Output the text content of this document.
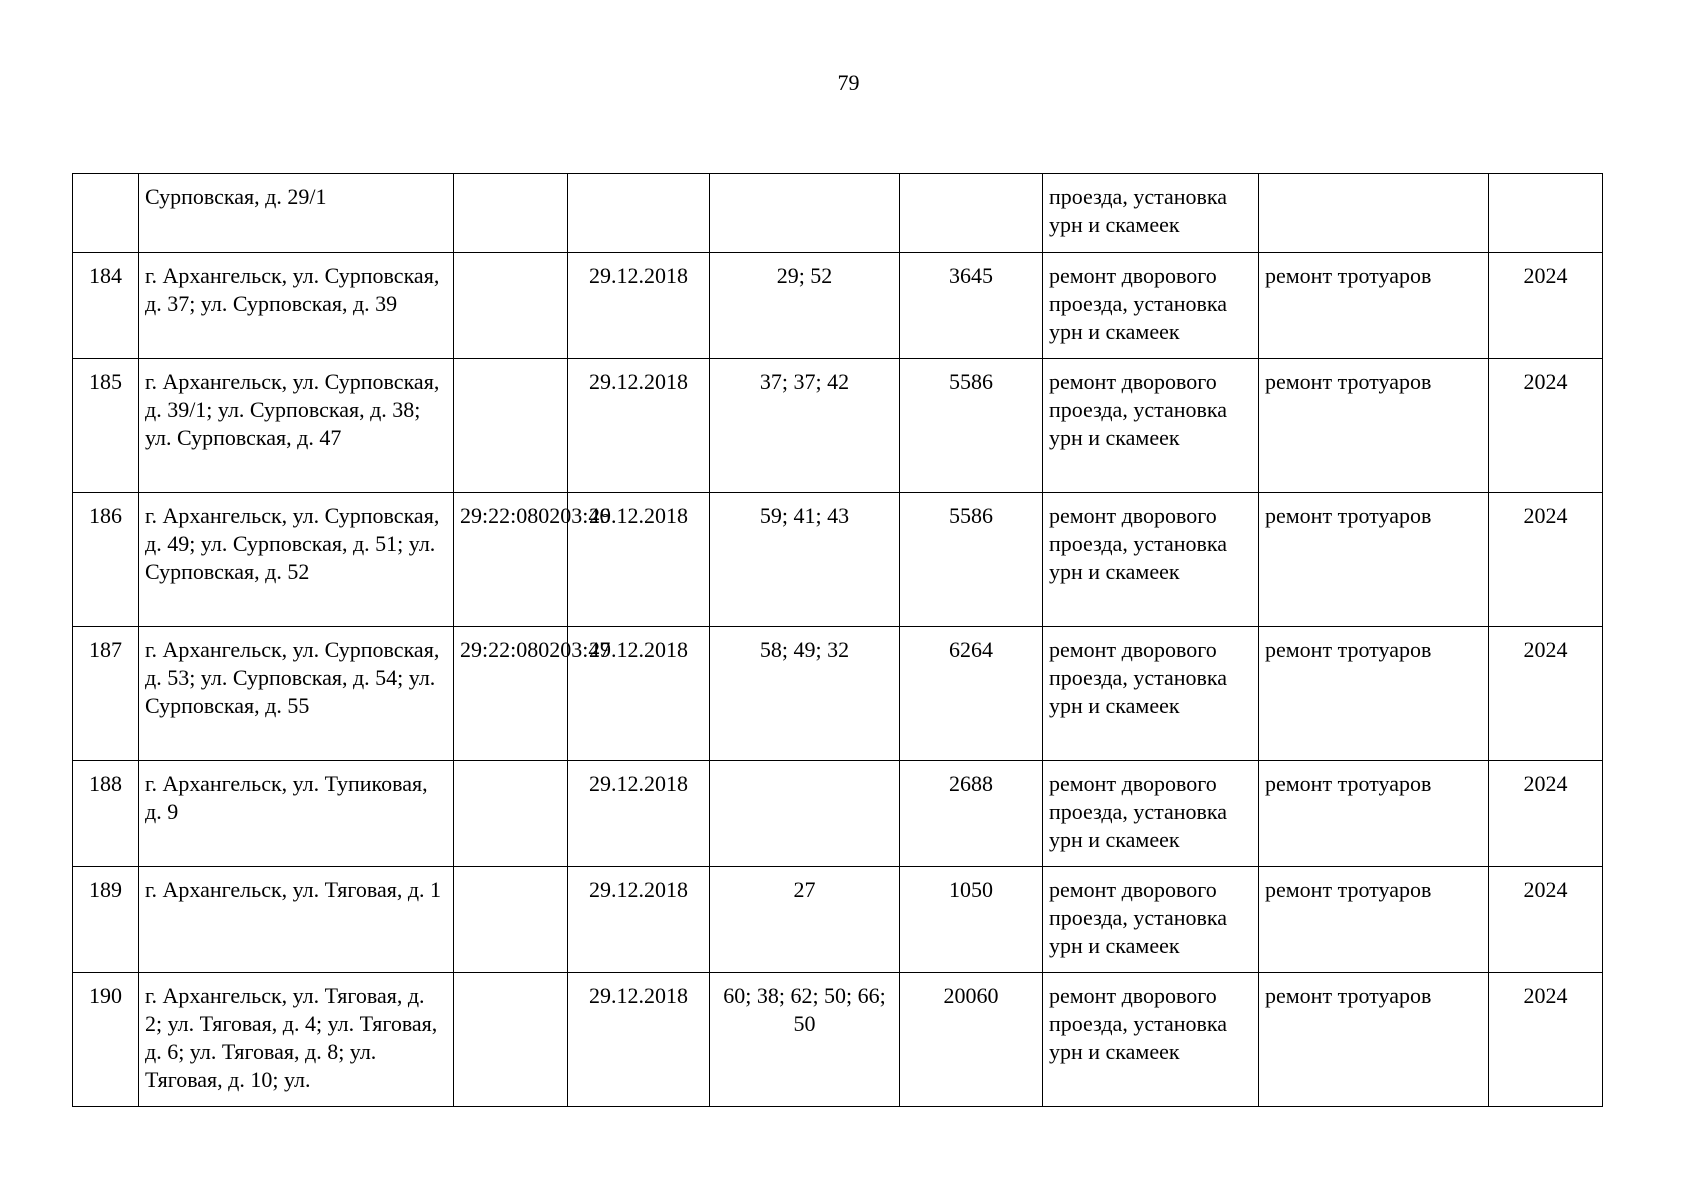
79
	Сурповская, д. 29/1					проезда, установка урн и скамеек		
184	г. Архангельск, ул. Сурповская, д. 37; ул. Сурповская, д. 39		29.12.2018	29; 52	3645	ремонт дворового проезда, установка урн и скамеек	ремонт тротуаров	2024
185	г. Архангельск, ул. Сурповская, д. 39/1; ул. Сурповская, д. 38; ул. Сурповская, д. 47		29.12.2018	37; 37; 42	5586	ремонт дворового проезда, установка урн и скамеек	ремонт тротуаров	2024
186	г. Архангельск, ул. Сурповская, д. 49; ул. Сурповская, д. 51; ул. Сурповская, д. 52	29:22:080203:46	29.12.2018	59; 41; 43	5586	ремонт дворового проезда, установка урн и скамеек	ремонт тротуаров	2024
187	г. Архангельск, ул. Сурповская, д. 53; ул. Сурповская, д. 54; ул. Сурповская, д. 55	29:22:080203:47	29.12.2018	58; 49; 32	6264	ремонт дворового проезда, установка урн и скамеек	ремонт тротуаров	2024
188	г. Архангельск, ул. Тупиковая, д. 9		29.12.2018		2688	ремонт дворового проезда, установка урн и скамеек	ремонт тротуаров	2024
189	г. Архангельск, ул. Тяговая, д. 1		29.12.2018	27	1050	ремонт дворового проезда, установка урн и скамеек	ремонт тротуаров	2024
190	г. Архангельск, ул. Тяговая, д. 2; ул. Тяговая, д. 4; ул. Тяговая, д. 6; ул. Тяговая, д. 8; ул. Тяговая, д. 10; ул.		29.12.2018	60; 38; 62; 50; 66; 50	20060	ремонт дворового проезда, установка урн и скамеек	ремонт тротуаров	2024
